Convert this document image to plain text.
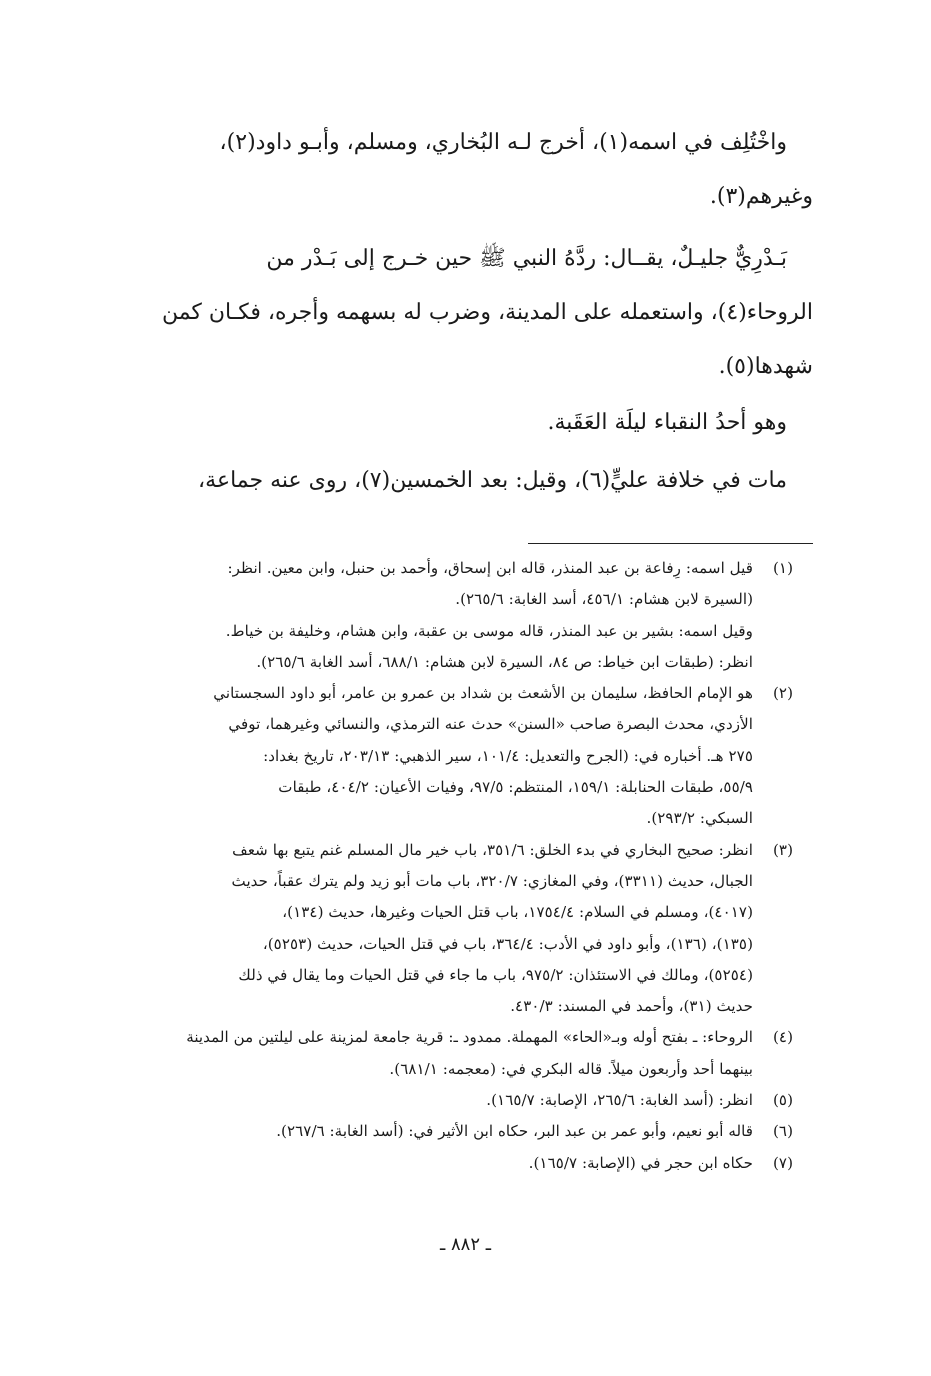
واخْتُلِف في اسمه(١)، أخرج لـه البُخاري، ومسلم، وأبـو داود(٢)،
وغيرهم(٣).
بَـدْرِيٌّ جليـلٌ، يقــال: ردَّهُ النبي ﷺ حين خـرج إلى بَـدْر من
الروحاء(٤)، واستعمله على المدينة، وضرب له بسهمه وأجره، فكـان كمن
شهدها(٥).
وهو أحدُ النقباء ليلَة العَقَبة.
مات في خلافة عليٍّ(٦)، وقيل: بعد الخمسين(٧)، روى عنه جماعة،
(١)
قيل اسمه: رِفاعة بن عبد المنذر، قاله ابن إسحاق، وأحمد بن حنبل، وابن معين. انظر:
(السيرة لابن هشام: ٤٥٦/١، أسد الغابة: ٢٦٥/٦).
وقيل اسمه: بشير بن عبد المنذر، قاله موسى بن عقبة، وابن هشام، وخليفة بن خياط.
انظر: (طبقات ابن خياط: ص ٨٤، السيرة لابن هشام: ٦٨٨/١، أسد الغابة ٢٦٥/٦).
(٢)
هو الإمام الحافظ، سليمان بن الأشعث بن شداد بن عمرو بن عامر، أبو داود السجستاني
الأزدي، محدث البصرة صاحب «السنن» حدث عنه الترمذي، والنسائي وغيرهما، توفي
٢٧٥ هـ. أخباره في: (الجرح والتعديل: ١٠١/٤، سير الذهبي: ٢٠٣/١٣، تاريخ بغداد:
٥٥/٩، طبقات الحنابلة: ١٥٩/١، المنتظم: ٩٧/٥، وفيات الأعيان: ٤٠٤/٢، طبقات
السبكي: ٢٩٣/٢).
(٣)
انظر: صحيح البخاري في بدء الخلق: ٣٥١/٦، باب خير مال المسلم غنم يتبع بها شعف
الجبال، حديث (٣٣١١)، وفي المغازي: ٣٢٠/٧، باب مات أبو زيد ولم يترك عقباً، حديث
(٤٠١٧)، ومسلم في السلام: ١٧٥٤/٤، باب قتل الحيات وغيرها، حديث (١٣٤)،
(١٣٥)، (١٣٦)، وأبو داود في الأدب: ٣٦٤/٤، باب في قتل الحيات، حديث (٥٢٥٣)،
(٥٢٥٤)، ومالك في الاستئذان: ٩٧٥/٢، باب ما جاء في قتل الحيات وما يقال في ذلك
حديث (٣١)، وأحمد في المسند: ٤٣٠/٣.
(٤)
الروحاء: ـ بفتح أوله وبـ«الحاء» المهملة. ممدود ـ: قرية جامعة لمزينة على ليلتين من المدينة
بينهما أحد وأربعون ميلاً. قاله البكري في: (معجمه: ٦٨١/١).
(٥)
انظر: (أسد الغابة: ٢٦٥/٦، الإصابة: ١٦٥/٧).
(٦)
قاله أبو نعيم، وأبو عمر بن عبد البر، حكاه ابن الأثير في: (أسد الغابة: ٢٦٧/٦).
(٧)
حكاه ابن حجر في (الإصابة: ١٦٥/٧).
ـ ٨٨٢ ـ
